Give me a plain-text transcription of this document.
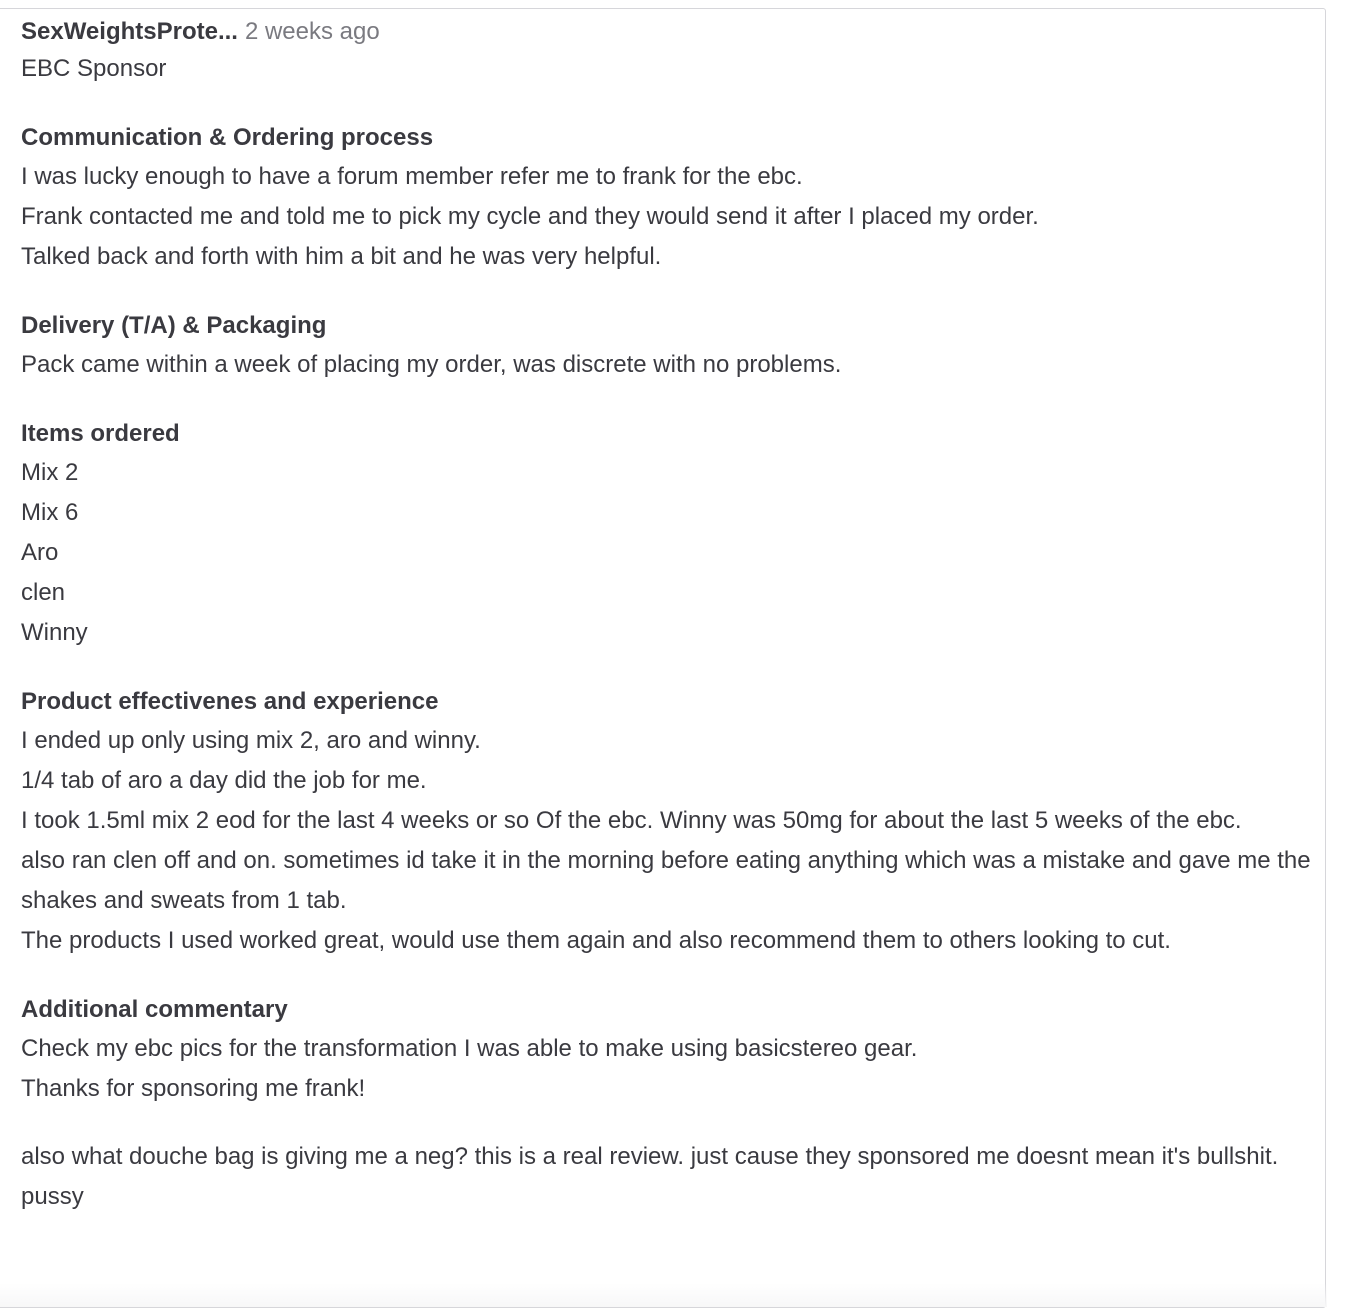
SexWeightsProte... 2 weeks ago
EBC Sponsor
Communication & Ordering process
I was lucky enough to have a forum member refer me to frank for the ebc.
Frank contacted me and told me to pick my cycle and they would send it after I placed my order.
Talked back and forth with him a bit and he was very helpful.
Delivery (T/A) & Packaging
Pack came within a week of placing my order, was discrete with no problems.
Items ordered
Mix 2
Mix 6
Aro
clen
Winny
Product effectivenes and experience
I ended up only using mix 2, aro and winny.
1/4 tab of aro a day did the job for me.
I took 1.5ml mix 2 eod for the last 4 weeks or so Of the ebc. Winny was 50mg for about the last 5 weeks of the ebc.
also ran clen off and on. sometimes id take it in the morning before eating anything which was a mistake and gave me the shakes and sweats from 1 tab.
The products I used worked great, would use them again and also recommend them to others looking to cut.
Additional commentary
Check my ebc pics for the transformation I was able to make using basicstereo gear.
Thanks for sponsoring me frank!
also what douche bag is giving me a neg? this is a real review. just cause they sponsored me doesnt mean it's bullshit. pussy
